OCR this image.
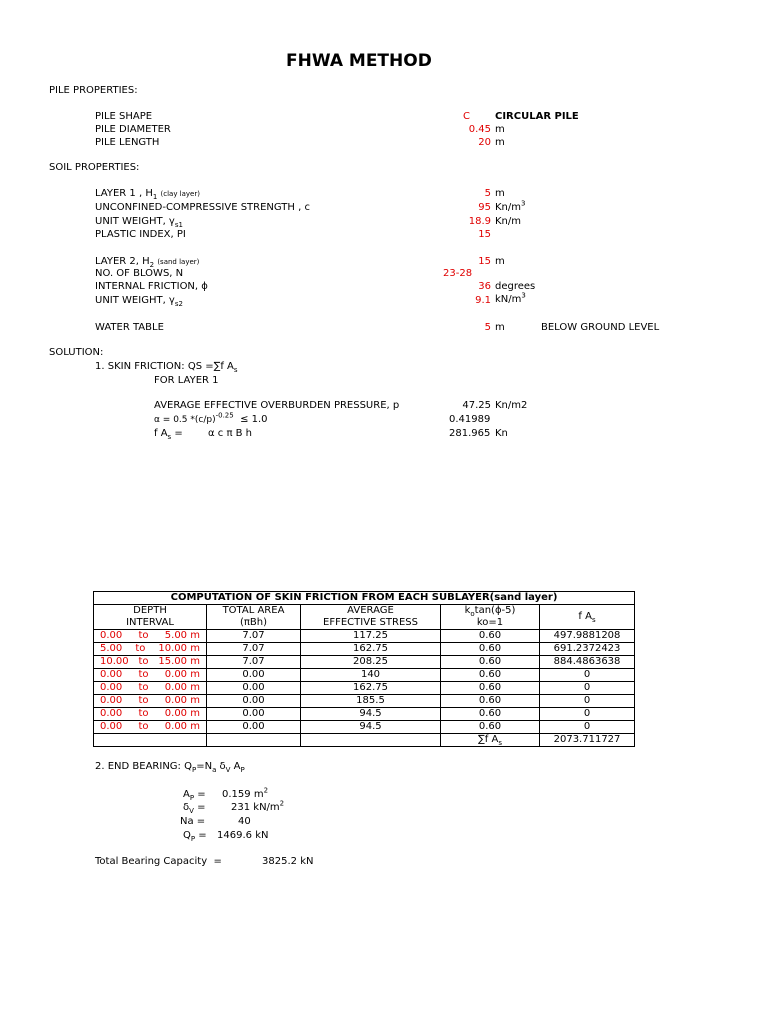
FHWA METHOD
PILE PROPERTIES:
PILE SHAPE	C	CIRCULAR PILE
PILE DIAMETER	0.45 m
PILE LENGTH	20 m
SOIL PROPERTIES:
LAYER 1 , $H_1$ (clay layer)	5 m
UNCONFINED-COMPRESSIVE STRENGTH , c	95 $Kn/m^3$
UNIT WEIGHT, $\gamma_{s1}$	18.9 Kn/m
PLASTIC INDEX, PI	15
LAYER 2, $H_2$ (sand layer)	15 m
NO. OF BLOWS, N	23-28
INTERNAL FRICTION, ϕ	36 degrees
UNIT WEIGHT, $\gamma_{s2}$	9.1 $kN/m^3$
WATER TABLE	5 m	BELOW GROUND LEVEL
SOLUTION:
1. SKIN FRICTION: QS =∑f $A_s$
FOR LAYER 1
AVERAGE EFFECTIVE OVERBURDEN PRESSURE, p	47.25 Kn/m2
α = 0.5 $*(c/p)^{-0.25} \le 1.0$	0.41989
f $A_s$ =	α c π B h	281.965 Kn
COMPUTATION OF SKIN FRICTION FROM EACH SUBLAYER(sand layer)				
DEPTH	TOTAL AREA	AVERAGE	$k_o\tan(\phi-5)$	f $A_s$
INTERVAL	(πBh)	EFFECTIVE STRESS	ko=1	

0.00 to 5.00 m	7.07	117.25	0.60	497.9881208

5.00 to 10.00 m	7.07	162.75	0.60	691.2372423

10.00 to 15.00 m	7.07	208.25	0.60	884.4863638

0.00 to 0.00 m	0.00	140	0.60	0

0.00 to 0.00 m	0.00	162.75	0.60	0

0.00 to 0.00 m	0.00	185.5	0.60	0

0.00 to 0.00 m	0.00	94.5	0.60	0

0.00 to 0.00 m	0.00	94.5	0.60	0
			∑f $A_s$	2073.711727
2. END BEARING: $Q_P=N_a$ $\delta_V$ $A_P$
$A_P = 0.159$ $m^2$
$\delta_V$ =	231 $kN/m^2$
Na =	40
$Q_P = 1469.6$ kN
Total Bearing Capacity =	3825.2 kN
